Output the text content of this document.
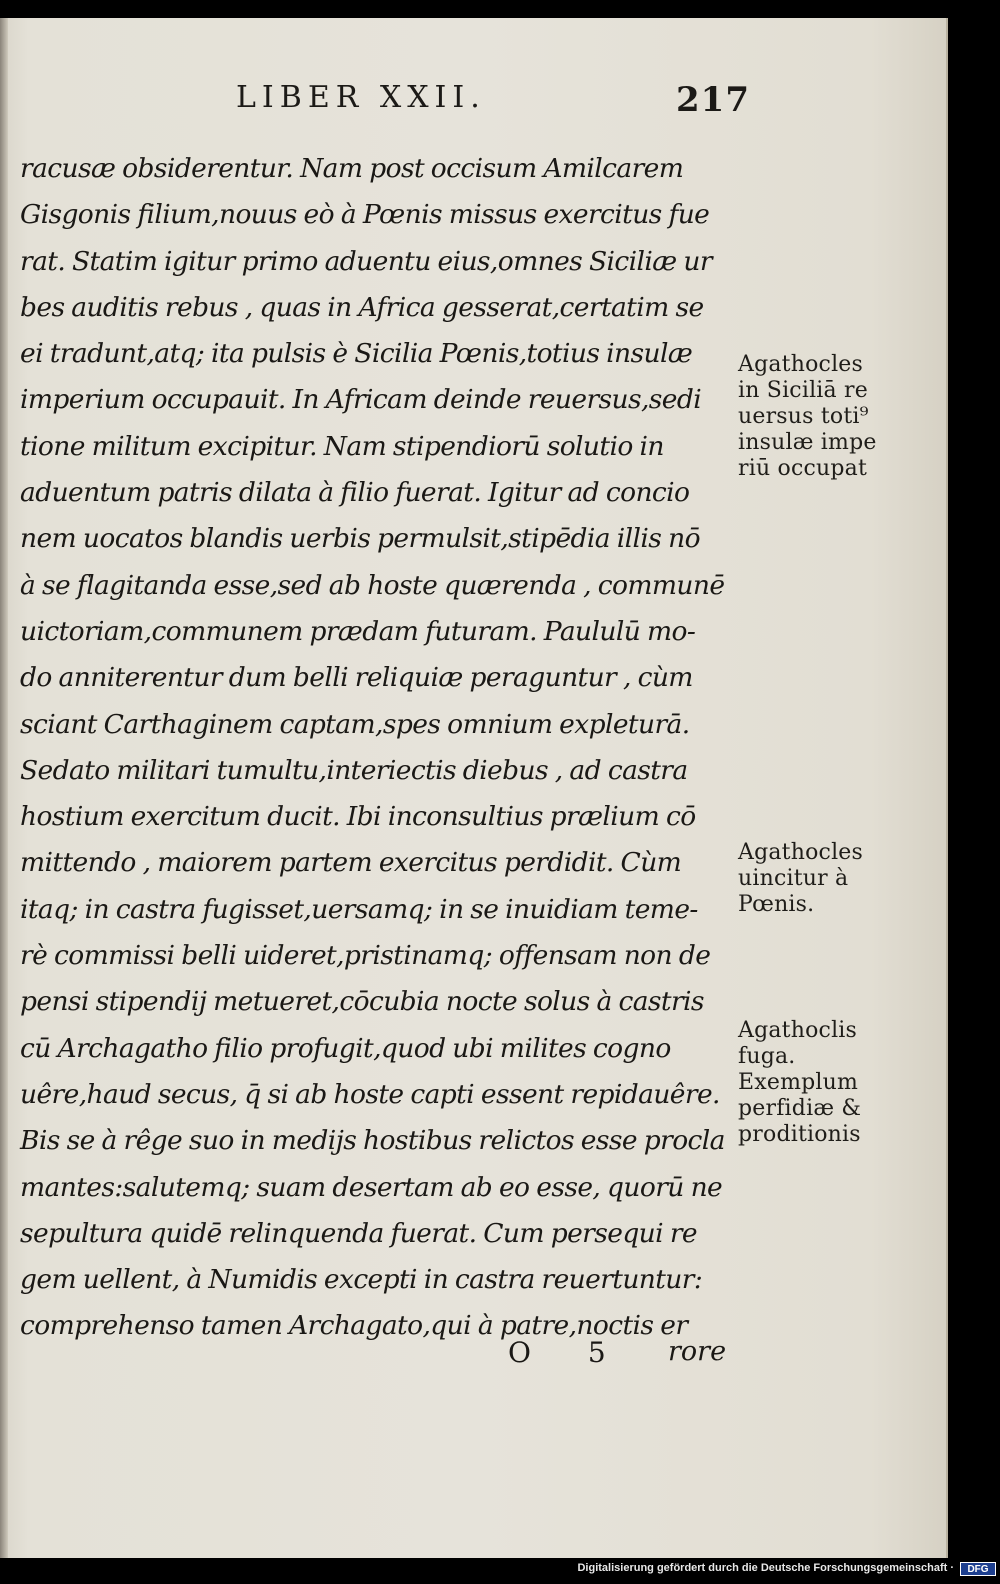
LIBER XXII.	217
racusæ obsiderentur. Nam post occisum Amilcarem
Gisgonis filium,nouus eò à Pœnis missus exercitus fue
rat. Statim igitur primo aduentu eius,omnes Siciliæ ur
bes auditis rebus , quas in Africa gesserat,certatim se
ei tradunt,atq; ita pulsis è Sicilia Pœnis,totius insulæ
imperium occupauit. In Africam deinde reuersus,sedi
tione militum excipitur. Nam stipendiorū solutio in
aduentum patris dilata à filio fuerat. Igitur ad concio
nem uocatos blandis uerbis permulsit,stipēdia illis nō
à se flagitanda esse,sed ab hoste quærenda , communē
uictoriam,communem prædam futuram. Paululū mo-
do anniterentur dum belli reliquiæ peraguntur , cùm
sciant Carthaginem captam,spes omnium expleturā.
Sedato militari tumultu,interiectis diebus , ad castra
hostium exercitum ducit. Ibi inconsultius prælium cō
mittendo , maiorem partem exercitus perdidit. Cùm
itaq; in castra fugisset,uersamq; in se inuidiam teme-
rè commissi belli uideret,pristinamq; offensam non de
pensi stipendij metueret,cōcubia nocte solus à castris
cū Archagatho filio profugit,quod ubi milites cogno
uêre,haud secus, q̄ si ab hoste capti essent repidauêre.
Bis se à rêge suo in medijs hostibus relictos esse procla
mantes:salutemq; suam desertam ab eo esse, quorū ne
sepultura quidē relinquenda fuerat. Cum persequi re
gem uellent, à Numidis excepti in castra reuertuntur:
comprehenso tamen Archagato,qui à patre,noctis er
Agathocles
in Siciliā re
uersus toti⁹
insulæ impe
riū occupat
Agathocles
uincitur à
Pœnis.
Agathoclis
fuga.
Exemplum
perfidiæ &
proditionis
O 5 rore
Digitalisierung gefördert durch die Deutsche Forschungsgemeinschaft ·	DFG
